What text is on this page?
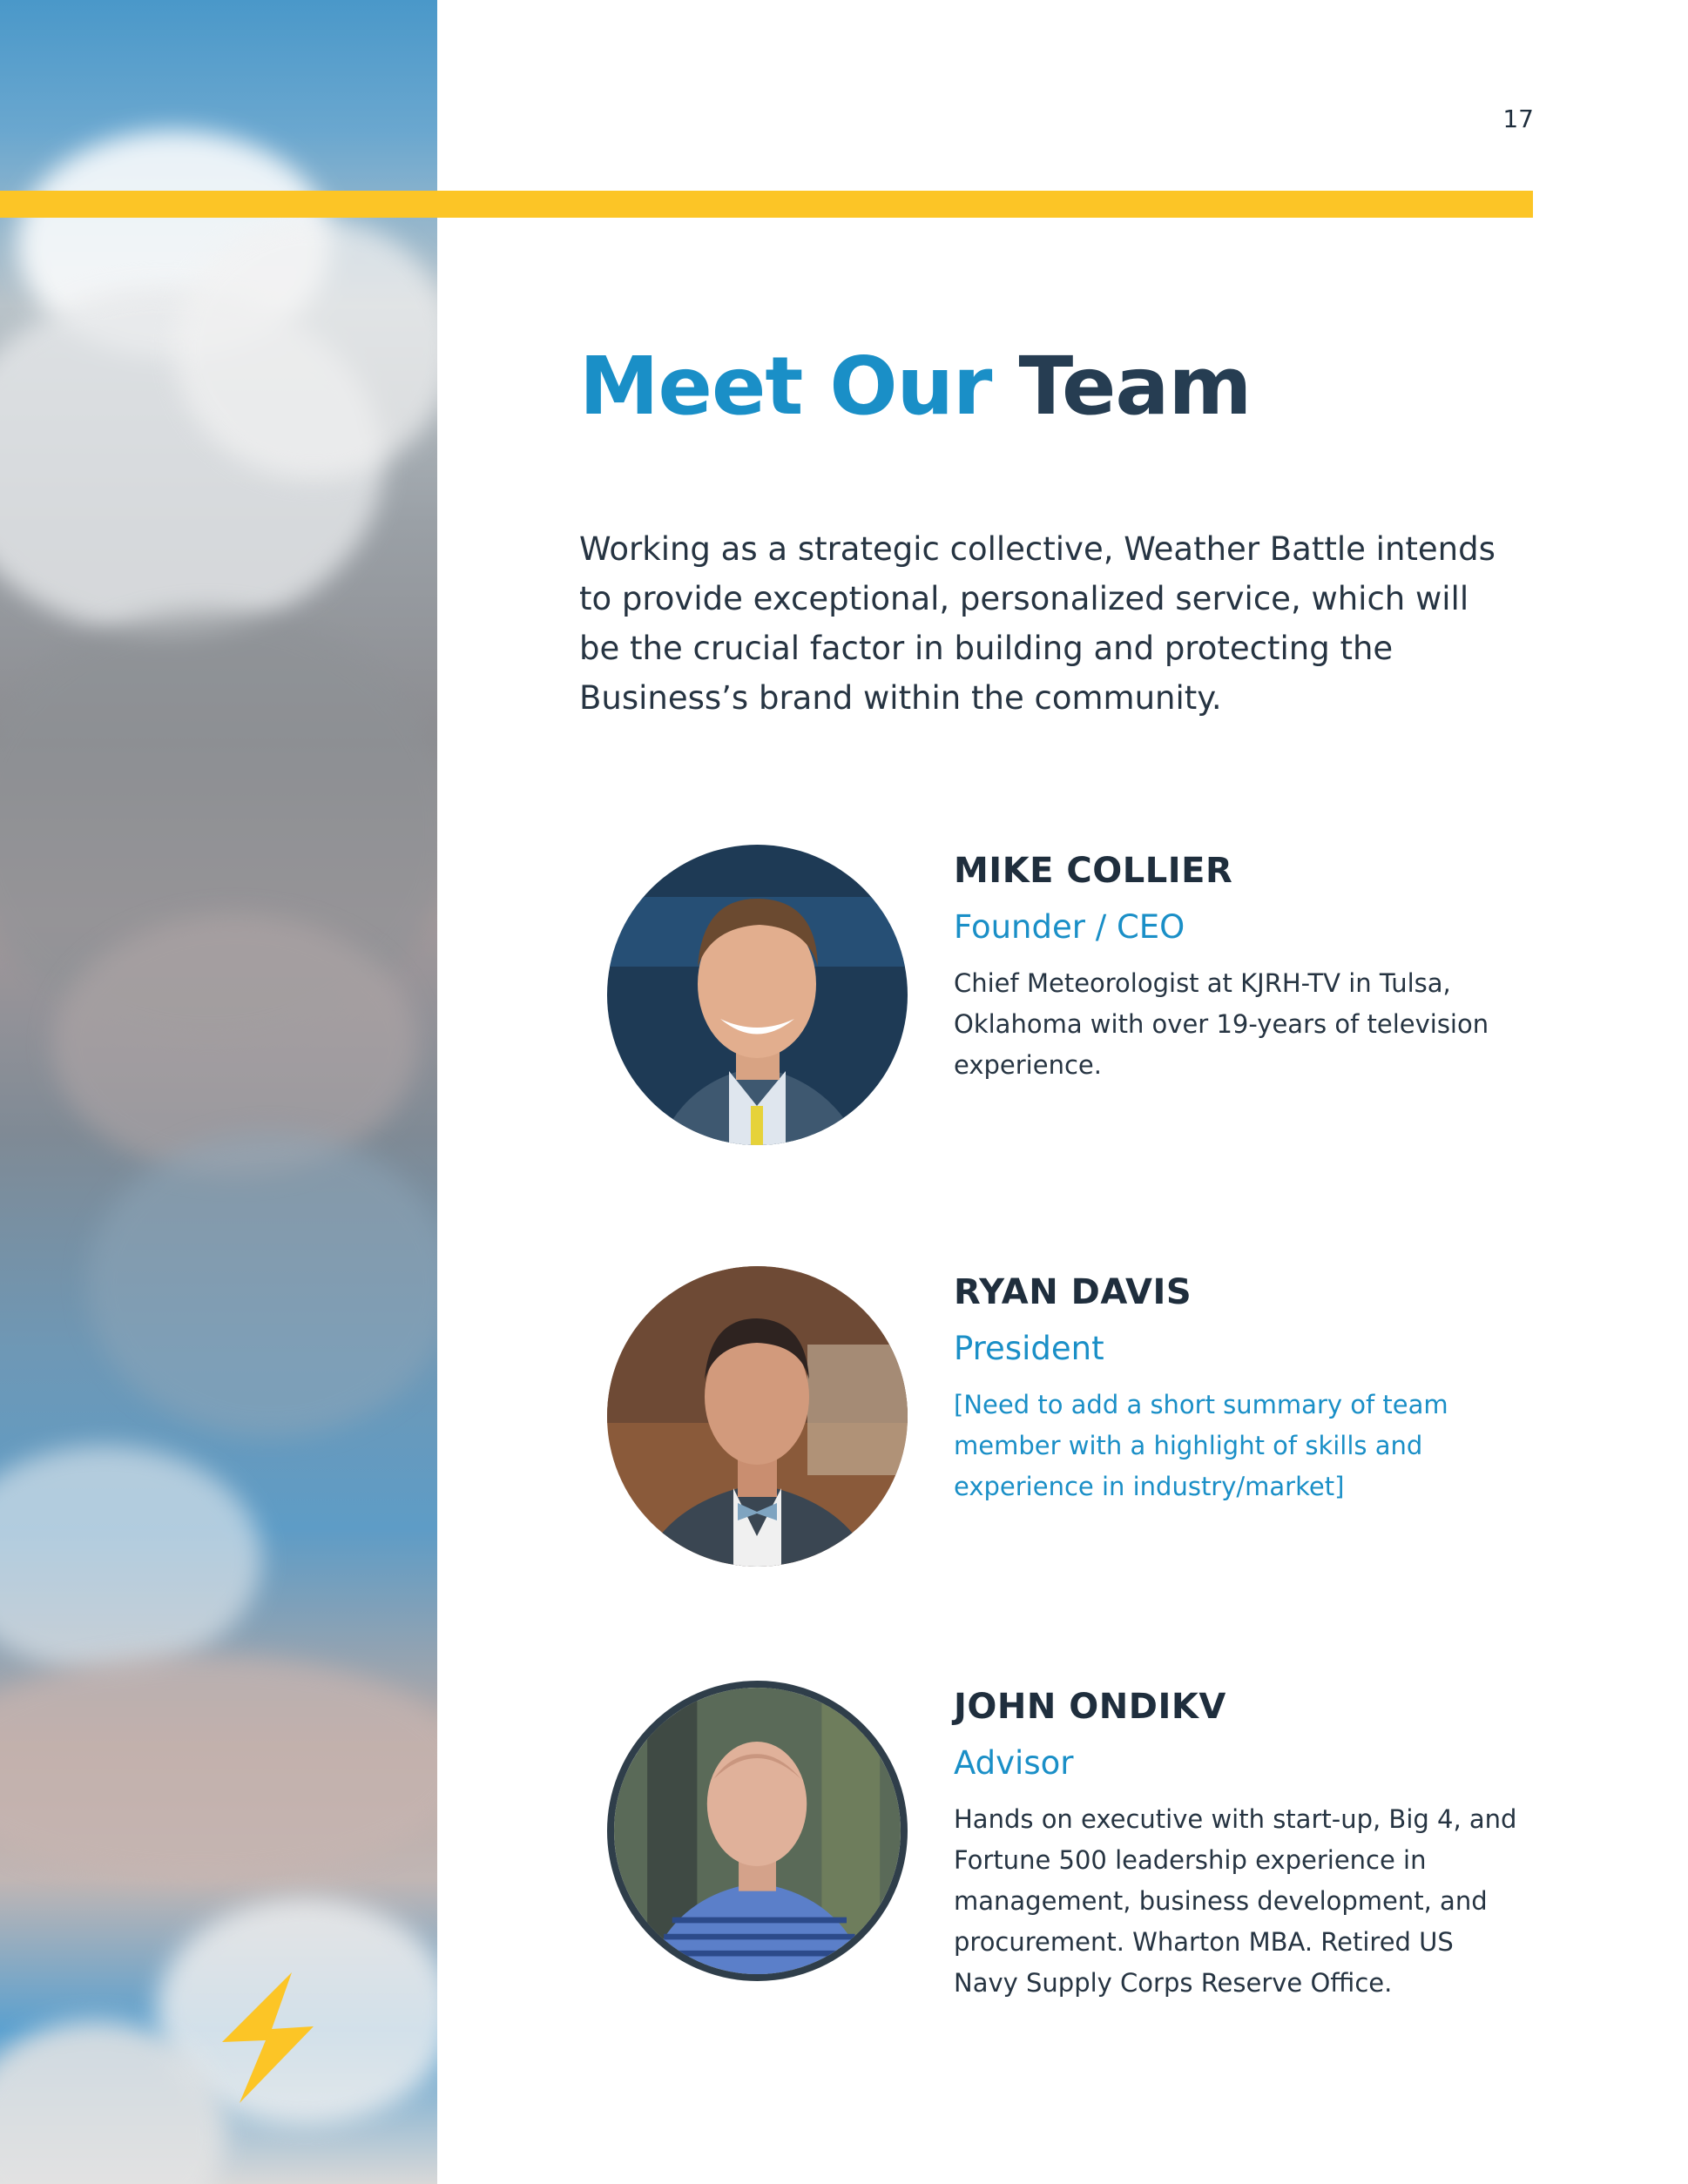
17
Meet Our Team

Working as a strategic collective, Weather Battle intends to provide exceptional, personalized service, which will be the crucial factor in building and protecting the Business’s brand within the community.

MIKE COLLIER

Founder / CEO

Chief Meteorologist at KJRH-TV in Tulsa, Oklahoma with over 19-years of television experience.

RYAN DAVIS

President

[Need to add a short summary of team member with a highlight of skills and experience in industry/market]

JOHN ONDIKV

Advisor

Hands on executive with start-up, Big 4, and Fortune 500 leadership experience in management, business development, and procurement. Wharton MBA. Retired US Navy Supply Corps Reserve Office.
